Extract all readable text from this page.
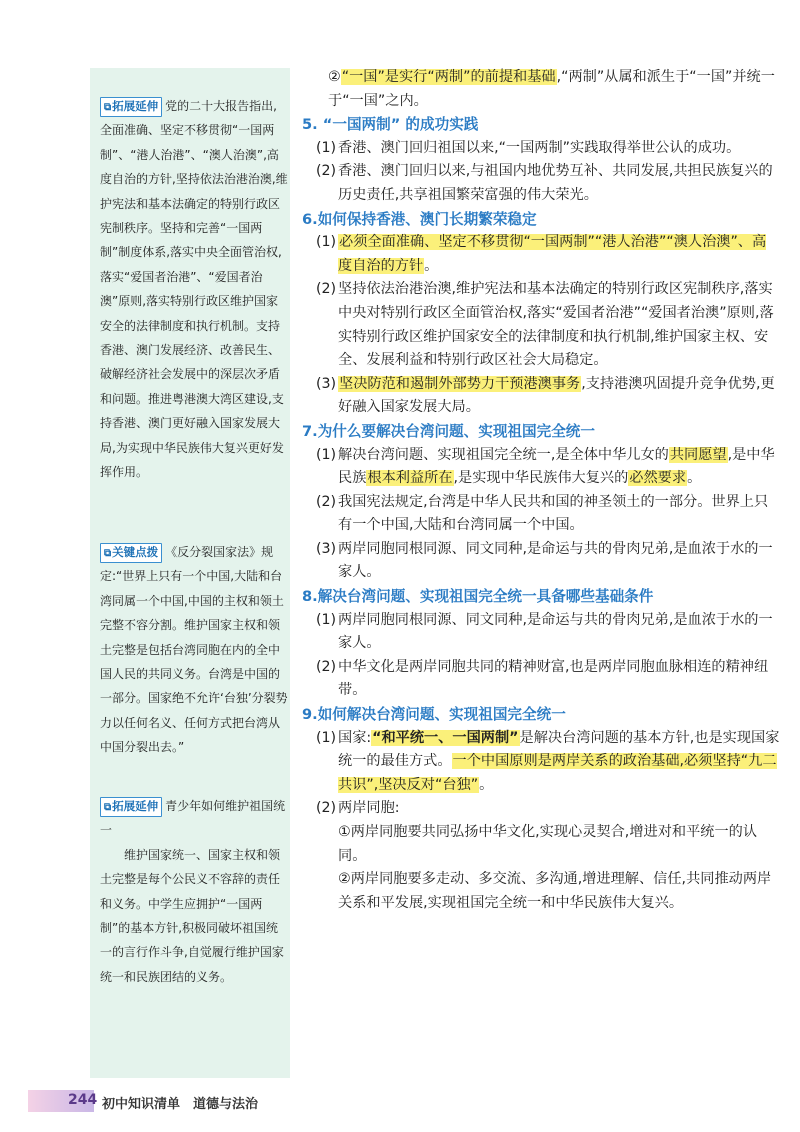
⧉拓展延伸 党的二十大报告指出,全面准确、坚定不移贯彻“一国两制”、“港人治港”、“澳人治澳”,高度自治的方针,坚持依法治港治澳,维护宪法和基本法确定的特别行政区宪制秩序。坚持和完善“一国两制”制度体系,落实中央全面管治权,落实“爱国者治港”、“爱国者治澳”原则,落实特别行政区维护国家安全的法律制度和执行机制。支持香港、澳门发展经济、改善民生、破解经济社会发展中的深层次矛盾和问题。推进粤港澳大湾区建设,支持香港、澳门更好融入国家发展大局,为实现中华民族伟大复兴更好发挥作用。
⧉关键点拨 《反分裂国家法》规定:“世界上只有一个中国,大陆和台湾同属一个中国,中国的主权和领土完整不容分割。维护国家主权和领土完整是包括台湾同胞在内的全中国人民的共同义务。台湾是中国的一部分。国家绝不允许‘台独’分裂势力以任何名义、任何方式把台湾从中国分裂出去。”
⧉拓展延伸 青少年如何维护祖国统一
维护国家统一、国家主权和领土完整是每个公民义不容辞的责任和义务。中学生应拥护“一国两制”的基本方针,积极同破坏祖国统一的言行作斗争,自觉履行维护国家统一和民族团结的义务。
②“一国”是实行“两制”的前提和基础,“两制”从属和派生于“一国”并统一于“一国”之内。
5. “一国两制” 的成功实践
(1) 香港、澳门回归祖国以来,“一国两制”实践取得举世公认的成功。
(2) 香港、澳门回归以来,与祖国内地优势互补、共同发展,共担民族复兴的历史责任,共享祖国繁荣富强的伟大荣光。
6.如何保持香港、澳门长期繁荣稳定
(1) 必须全面准确、坚定不移贯彻“一国两制”“港人治港”“澳人治澳”、高度自治的方针。
(2) 坚持依法治港治澳,维护宪法和基本法确定的特别行政区宪制秩序,落实中央对特别行政区全面管治权,落实“爱国者治港”“爱国者治澳”原则,落实特别行政区维护国家安全的法律制度和执行机制,维护国家主权、安全、发展利益和特别行政区社会大局稳定。
(3) 坚决防范和遏制外部势力干预港澳事务,支持港澳巩固提升竞争优势,更好融入国家发展大局。
7.为什么要解决台湾问题、实现祖国完全统一
(1) 解决台湾问题、实现祖国完全统一,是全体中华儿女的共同愿望,是中华民族根本利益所在,是实现中华民族伟大复兴的必然要求。
(2) 我国宪法规定,台湾是中华人民共和国的神圣领土的一部分。世界上只有一个中国,大陆和台湾同属一个中国。
(3) 两岸同胞同根同源、同文同种,是命运与共的骨肉兄弟,是血浓于水的一家人。
8.解决台湾问题、实现祖国完全统一具备哪些基础条件
(1) 两岸同胞同根同源、同文同种,是命运与共的骨肉兄弟,是血浓于水的一家人。
(2) 中华文化是两岸同胞共同的精神财富,也是两岸同胞血脉相连的精神纽带。
9.如何解决台湾问题、实现祖国完全统一
(1) 国家:“和平统一、一国两制”是解决台湾问题的基本方针,也是实现国家统一的最佳方式。一个中国原则是两岸关系的政治基础,必须坚持“九二共识”,坚决反对“台独”。
(2) 两岸同胞:
①两岸同胞要共同弘扬中华文化,实现心灵契合,增进对和平统一的认同。
②两岸同胞要多走动、多交流、多沟通,增进理解、信任,共同推动两岸关系和平发展,实现祖国完全统一和中华民族伟大复兴。
244 初中知识清单　道德与法治
